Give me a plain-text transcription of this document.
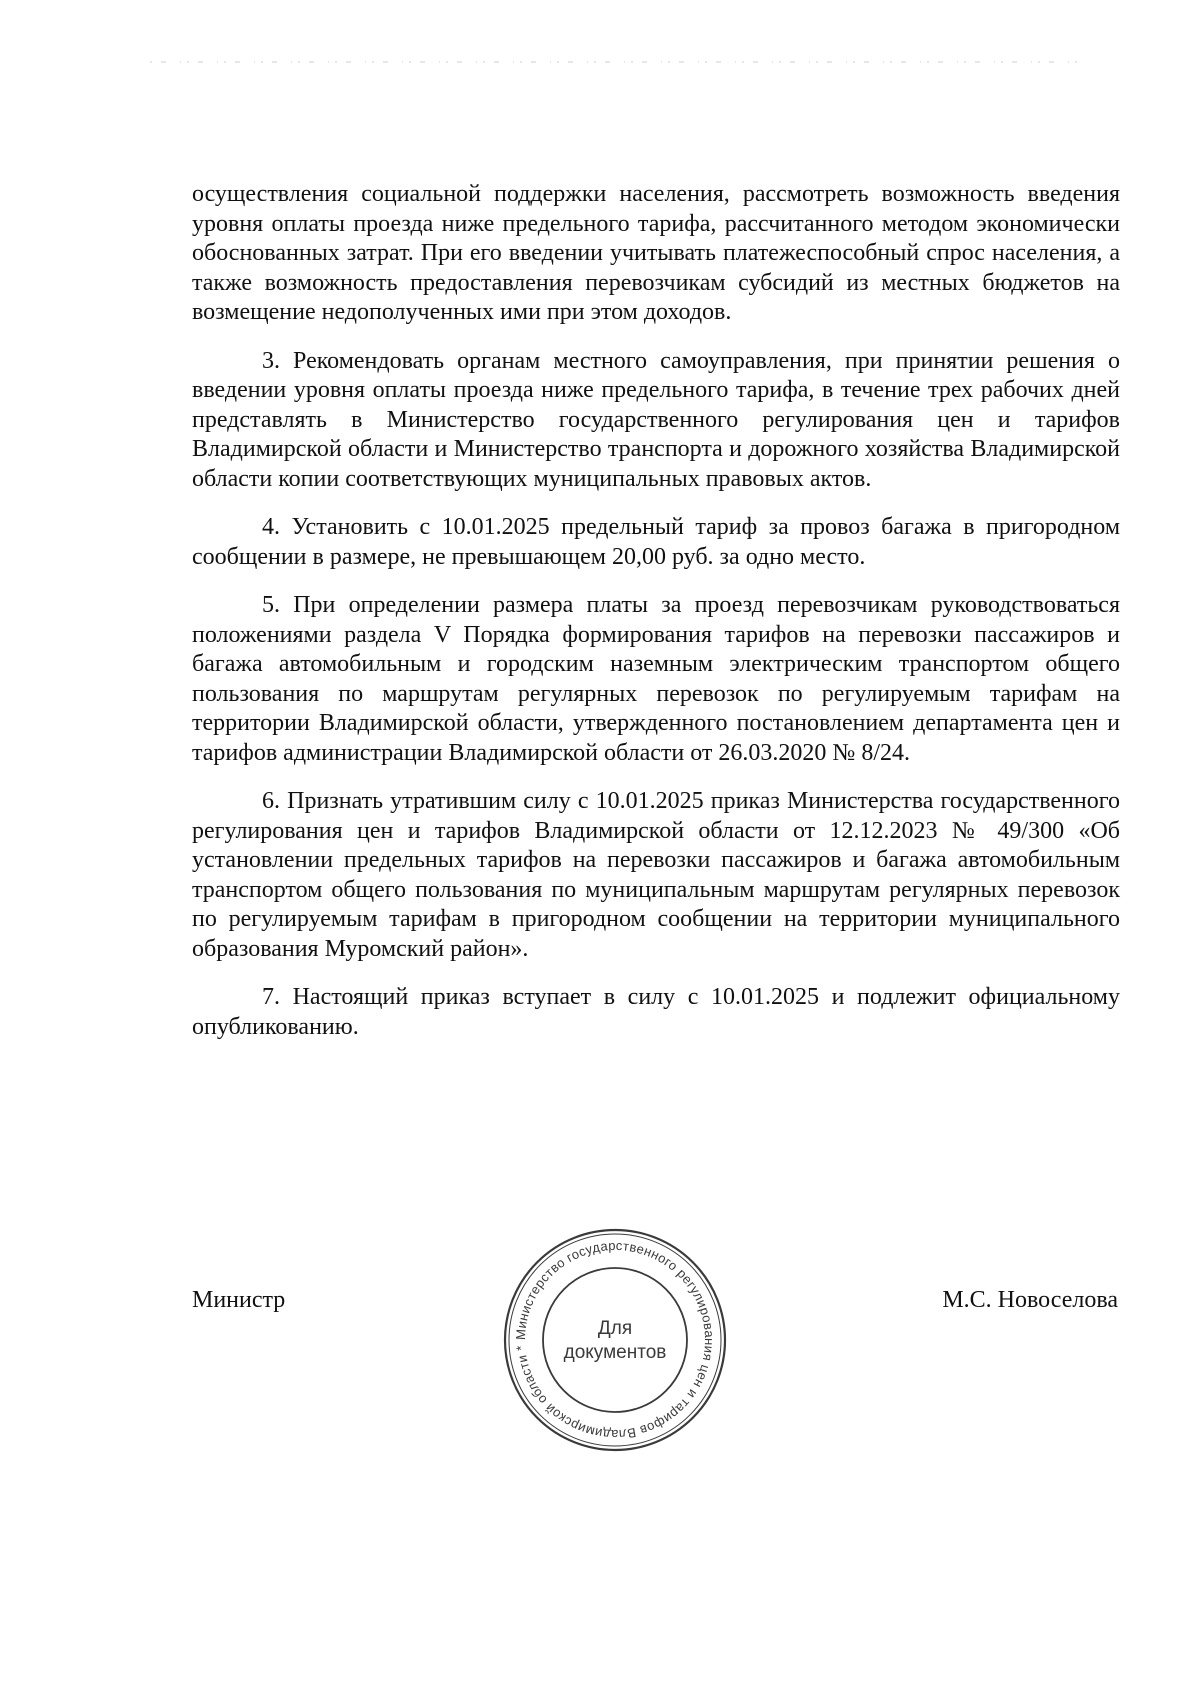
осуществления социальной поддержки населения, рассмотреть возможность введения уровня оплаты проезда ниже предельного тарифа, рассчитанного методом экономически обоснованных затрат. При его введении учитывать платежеспособный спрос населения, а также возможность предоставления перевозчикам субсидий из местных бюджетов на возмещение недополученных ими при этом доходов.

3. Рекомендовать органам местного самоуправления, при принятии решения о введении уровня оплаты проезда ниже предельного тарифа, в течение трех рабочих дней представлять в Министерство государственного регулирования цен и тарифов Владимирской области и Министерство транспорта и дорожного хозяйства Владимирской области копии соответствующих муниципальных правовых актов.

4. Установить с 10.01.2025 предельный тариф за провоз багажа в пригородном сообщении в размере, не превышающем 20,00 руб. за одно место.

5. При определении размера платы за проезд перевозчикам руководствоваться положениями раздела V Порядка формирования тарифов на перевозки пассажиров и багажа автомобильным и городским наземным электрическим транспортом общего пользования по маршрутам регулярных перевозок по регулируемым тарифам на территории Владимирской области, утвержденного постановлением департамента цен и тарифов администрации Владимирской области от 26.03.2020 № 8/24.

6. Признать утратившим силу с 10.01.2025 приказ Министерства государственного регулирования цен и тарифов Владимирской области от 12.12.2023 № 49/300 «Об установлении предельных тарифов на перевозки пассажиров и багажа автомобильным транспортом общего пользования по муниципальным маршрутам регулярных перевозок по регулируемым тарифам в пригородном сообщении на территории муниципального образования Муромский район».

7. Настоящий приказ вступает в силу с 10.01.2025 и подлежит официальному опубликованию.

Министр	М.С. Новоселова
Министерство государственного регулирования цен и тарифов Владимирской области *
Для
документов
